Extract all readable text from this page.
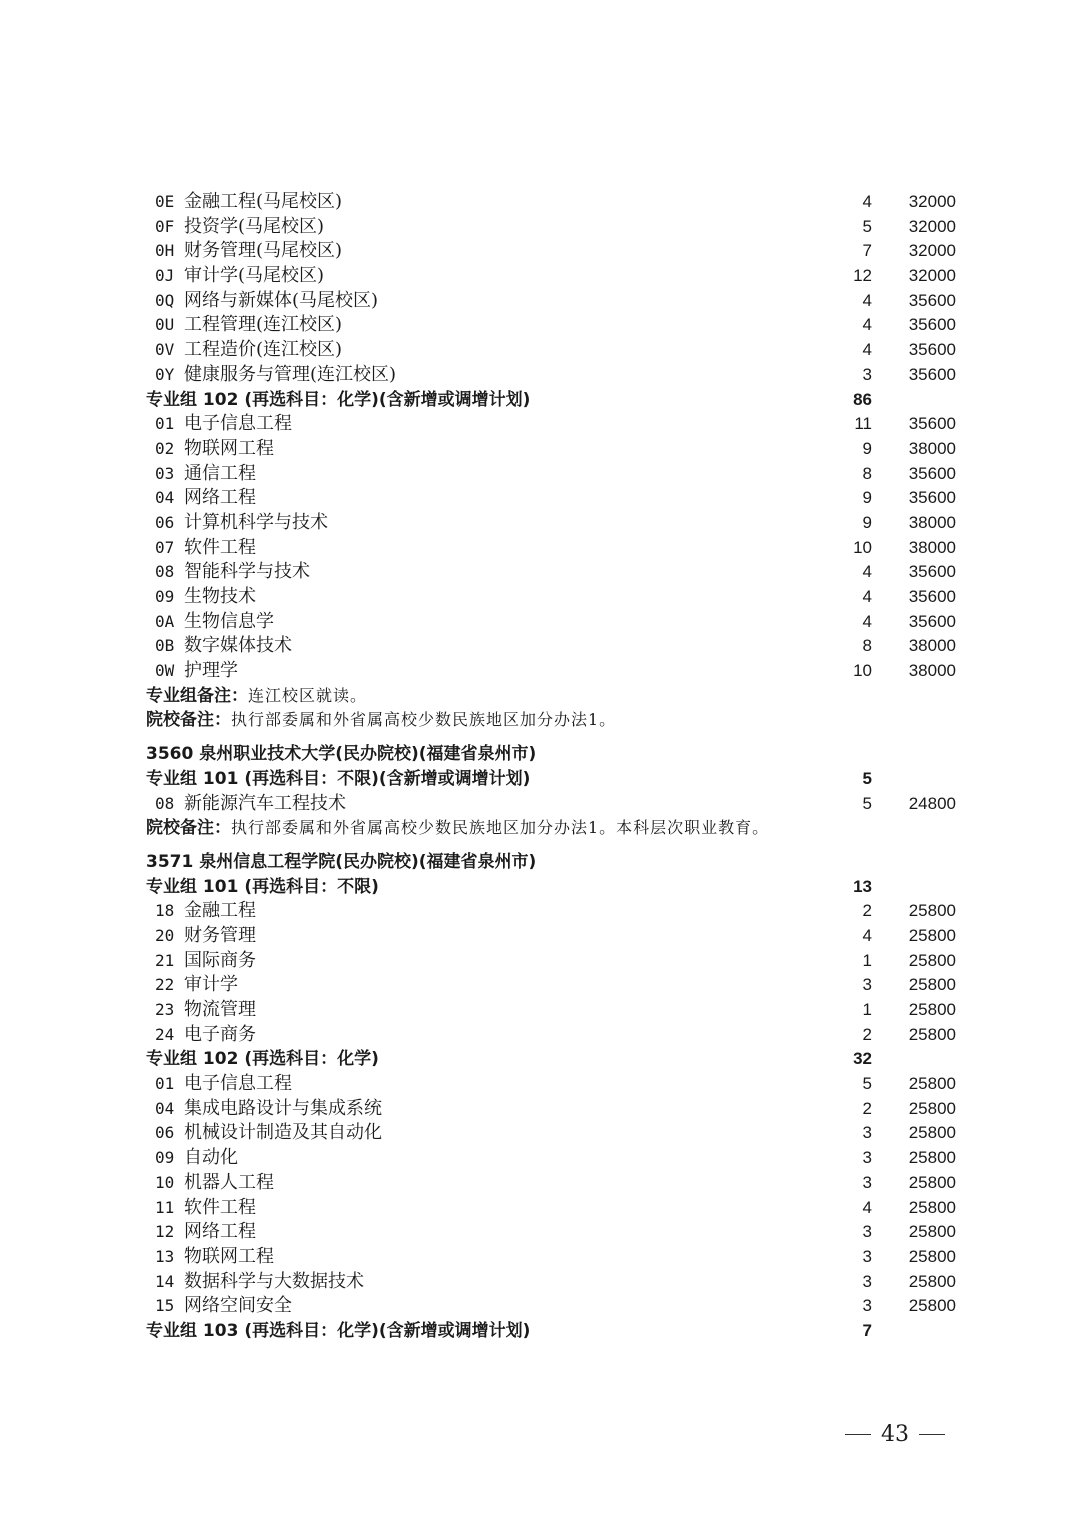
0E 金融工程(马尾校区)	4	32000
0F 投资学(马尾校区)	5	32000
0H 财务管理(马尾校区)	7	32000
0J 审计学(马尾校区)	12	32000
0Q 网络与新媒体(马尾校区)	4	35600
0U 工程管理(连江校区)	4	35600
0V 工程造价(连江校区)	4	35600
0Y 健康服务与管理(连江校区)	3	35600
专业组 102 (再选科目：化学)(含新增或调增计划)	86
01 电子信息工程	11	35600
02 物联网工程	9	38000
03 通信工程	8	35600
04 网络工程	9	35600
06 计算机科学与技术	9	38000
07 软件工程	10	38000
08 智能科学与技术	4	35600
09 生物技术	4	35600
0A 生物信息学	4	35600
0B 数字媒体技术	8	38000
0W 护理学	10	38000
专业组备注： 连江校区就读。
院校备注： 执行部委属和外省属高校少数民族地区加分办法1。
3560 泉州职业技术大学(民办院校)(福建省泉州市)
专业组 101 (再选科目：不限)(含新增或调增计划)	5
08 新能源汽车工程技术	5	24800
院校备注： 执行部委属和外省属高校少数民族地区加分办法1。本科层次职业教育。
3571 泉州信息工程学院(民办院校)(福建省泉州市)
专业组 101 (再选科目：不限)	13
18 金融工程	2	25800
20 财务管理	4	25800
21 国际商务	1	25800
22 审计学	3	25800
23 物流管理	1	25800
24 电子商务	2	25800
专业组 102 (再选科目：化学)	32
01 电子信息工程	5	25800
04 集成电路设计与集成系统	2	25800
06 机械设计制造及其自动化	3	25800
09 自动化	3	25800
10 机器人工程	3	25800
11 软件工程	4	25800
12 网络工程	3	25800
13 物联网工程	3	25800
14 数据科学与大数据技术	3	25800
15 网络空间安全	3	25800
专业组 103 (再选科目：化学)(含新增或调增计划)	7
43
